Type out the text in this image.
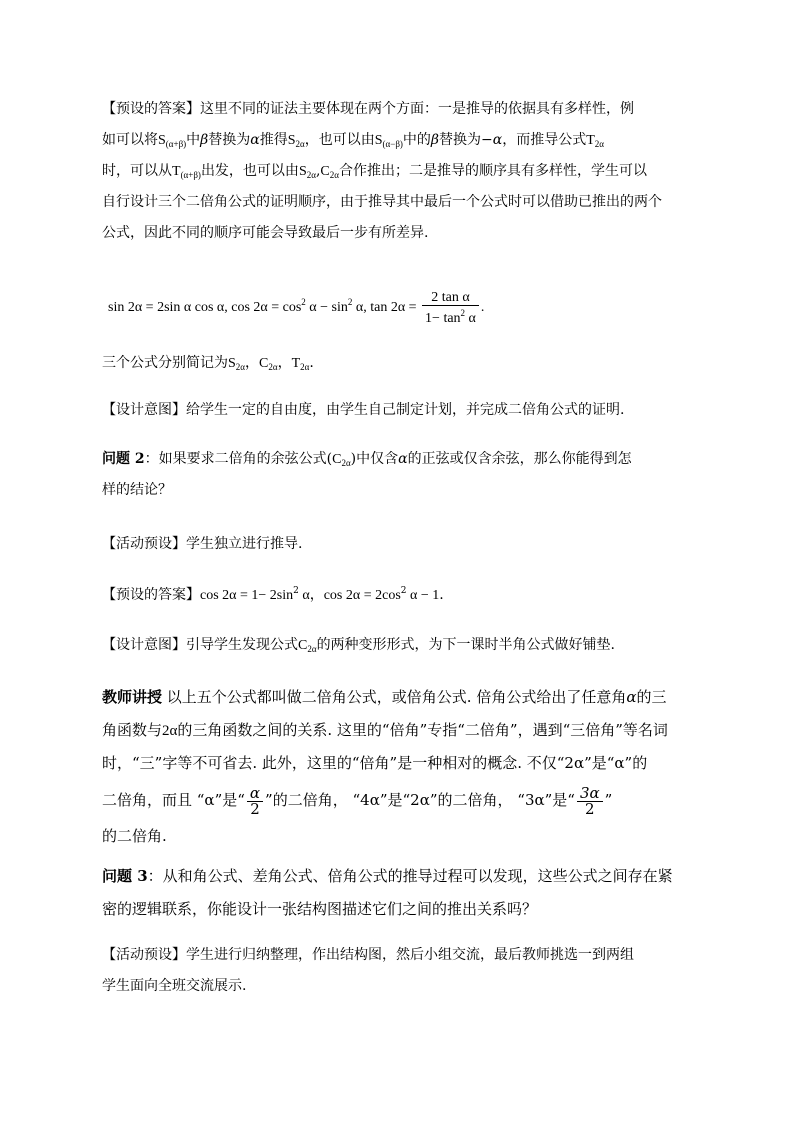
【预设的答案】这里不同的证法主要体现在两个方面：一是推导的依据具有多样性，例
如可以将$S_{(\alpha+\beta)}$中β替换为α推得$S_{2\alpha}$，也可以由$S_{(\alpha-\beta)}$中的β替换为−α，而推导公式$T_{2\alpha}$
时，可以从$T_{(\alpha+\beta)}$出发，也可以由$S_{2\alpha},C_{2\alpha}$合作推出；二是推导的顺序具有多样性，学生可以
自行设计三个二倍角公式的证明顺序，由于推导其中最后一个公式时可以借助已推出的两个
公式，因此不同的顺序可能会导致最后一步有所差异.
sin 2α = 2sin α cos α, $\cos 2\alpha = \cos^2 \alpha - \sin^2 \alpha$, $\tan 2\alpha = \frac{\text{2 tan α}}{1- \tan^2 \alpha}$ .
三个公式分别简记为$S_{2\alpha}$，$C_{2\alpha}$，$T_{2\alpha}$.
【设计意图】给学生一定的自由度，由学生自己制定计划，并完成二倍角公式的证明.
问题 2：如果要求二倍角的余弦公式$(C_{2\alpha})$中仅含α的正弦或仅含余弦，那么你能得到怎
样的结论？
【活动预设】学生独立进行推导.
【预设的答案】$\cos 2\alpha = 1- 2\sin^2$ α，$\cos 2\alpha = 2\cos^2$ α − 1.
【设计意图】引导学生发现公式$C_{2\alpha}$的两种变形形式，为下一课时半角公式做好铺垫.
教师讲授 以上五个公式都叫做二倍角公式，或倍角公式. 倍角公式给出了任意角α的三
角函数与2α的三角函数之间的关系. 这里的“倍角”专指“二倍角”，遇到“三倍角”等名词
时，“三”字等不可省去. 此外，这里的“倍角”是一种相对的概念. 不仅“2α”是“α”的
二倍角，而且 “α”是“ $\frac{\alpha}{2}$ ”的二倍角， “4α”是“2α”的二倍角， “3α”是“ $\frac{3\alpha}{2}$ ”
的二倍角.
问题 3：从和角公式、差角公式、倍角公式的推导过程可以发现，这些公式之间存在紧
密的逻辑联系，你能设计一张结构图描述它们之间的推出关系吗？
【活动预设】学生进行归纳整理，作出结构图，然后小组交流，最后教师挑选一到两组
学生面向全班交流展示.
